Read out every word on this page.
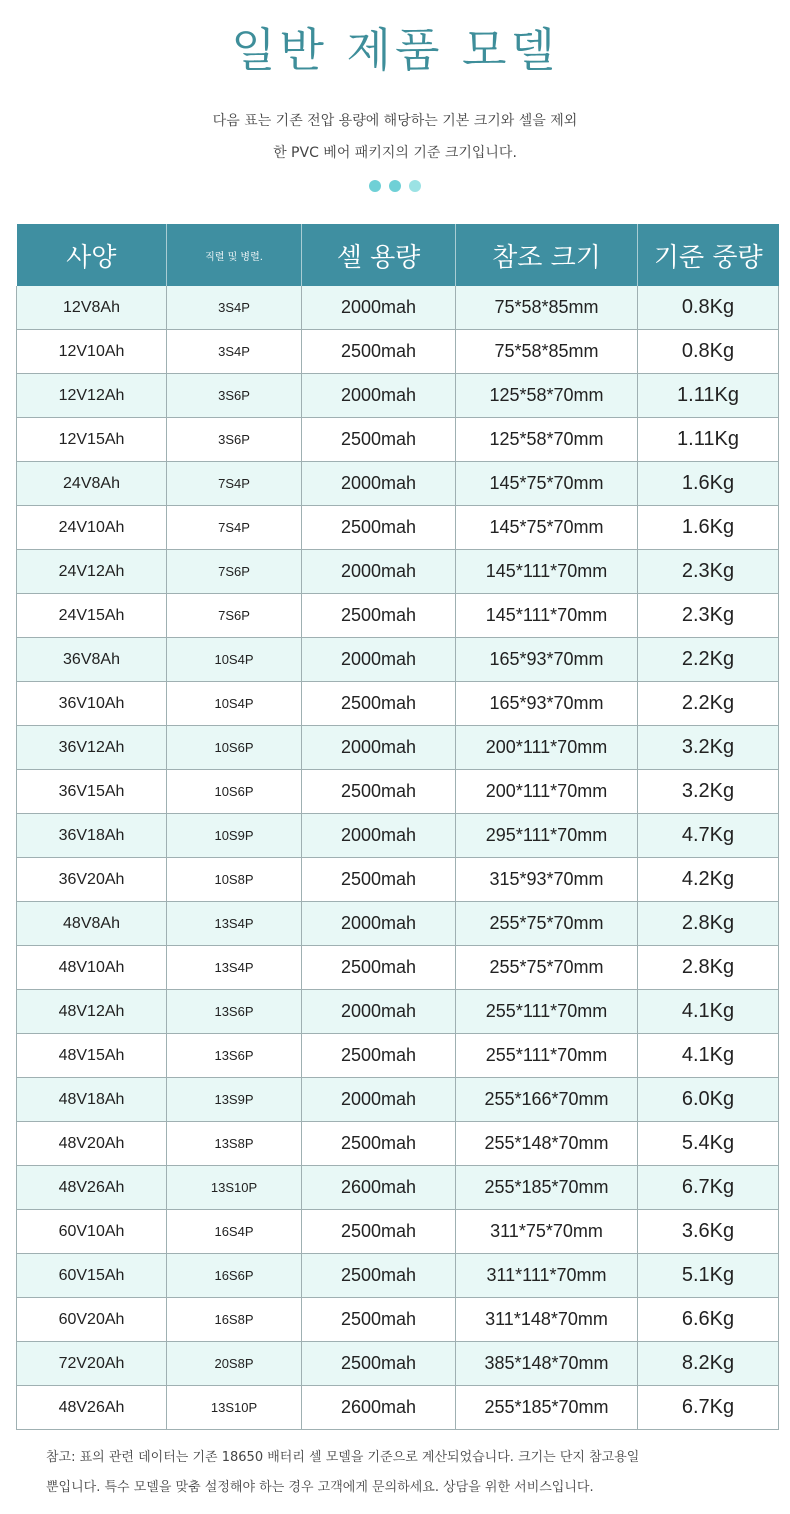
일반 제품 모델
다음 표는 기존 전압 용량에 해당하는 기본 크기와 셀을 제외
한 PVC 베어 패키지의 기준 크기입니다.
사양	직렬 및 병렬.	셀 용량	참조 크기	기준 중량
12V8Ah	3S4P	2000mah	75*58*85mm	0.8Kg
12V10Ah	3S4P	2500mah	75*58*85mm	0.8Kg
12V12Ah	3S6P	2000mah	125*58*70mm	1.11Kg
12V15Ah	3S6P	2500mah	125*58*70mm	1.11Kg
24V8Ah	7S4P	2000mah	145*75*70mm	1.6Kg
24V10Ah	7S4P	2500mah	145*75*70mm	1.6Kg
24V12Ah	7S6P	2000mah	145*111*70mm	2.3Kg
24V15Ah	7S6P	2500mah	145*111*70mm	2.3Kg
36V8Ah	10S4P	2000mah	165*93*70mm	2.2Kg
36V10Ah	10S4P	2500mah	165*93*70mm	2.2Kg
36V12Ah	10S6P	2000mah	200*111*70mm	3.2Kg
36V15Ah	10S6P	2500mah	200*111*70mm	3.2Kg
36V18Ah	10S9P	2000mah	295*111*70mm	4.7Kg
36V20Ah	10S8P	2500mah	315*93*70mm	4.2Kg
48V8Ah	13S4P	2000mah	255*75*70mm	2.8Kg
48V10Ah	13S4P	2500mah	255*75*70mm	2.8Kg
48V12Ah	13S6P	2000mah	255*111*70mm	4.1Kg
48V15Ah	13S6P	2500mah	255*111*70mm	4.1Kg
48V18Ah	13S9P	2000mah	255*166*70mm	6.0Kg
48V20Ah	13S8P	2500mah	255*148*70mm	5.4Kg
48V26Ah	13S10P	2600mah	255*185*70mm	6.7Kg
60V10Ah	16S4P	2500mah	311*75*70mm	3.6Kg
60V15Ah	16S6P	2500mah	311*111*70mm	5.1Kg
60V20Ah	16S8P	2500mah	311*148*70mm	6.6Kg
72V20Ah	20S8P	2500mah	385*148*70mm	8.2Kg
48V26Ah	13S10P	2600mah	255*185*70mm	6.7Kg
참고: 표의 관련 데이터는 기존 18650 배터리 셀 모델을 기준으로 계산되었습니다. 크기는 단지 참고용일
뿐입니다. 특수 모델을 맞춤 설정해야 하는 경우 고객에게 문의하세요. 상담을 위한 서비스입니다.
